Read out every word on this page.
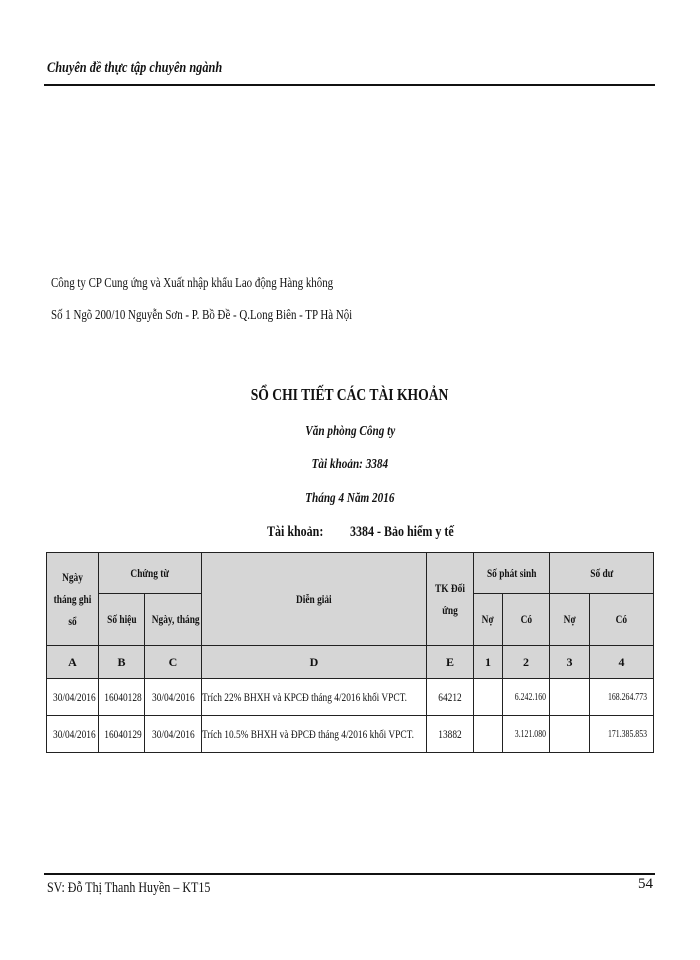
Chuyên đề thực tập chuyên ngành
Công ty CP Cung ứng và Xuất nhập khẩu Lao động Hàng không
Số 1 Ngõ 200/10 Nguyễn Sơn - P. Bồ Đề - Q.Long Biên - TP Hà Nội
SỔ CHI TIẾT CÁC TÀI KHOẢN
Văn phòng Công ty
Tài khoản: 3384
Tháng 4 Năm 2016
Tài khoản:	3384 - Bảo hiểm y tế
Ngày tháng ghi sổ	Chứng từ		Diễn giải	TK Đối ứng	Số phát sinh		Số dư	
	Số hiệu	Ngày, tháng			Nợ	Có	Nợ	Có
A	B	C	D	E	1	2	3	4
30/04/2016	16040128	30/04/2016	Trích 22% BHXH và KPCĐ tháng 4/2016 khối VPCT.	64212		6.242.160		168.264.773
30/04/2016	16040129	30/04/2016	Trích 10.5% BHXH và ĐPCĐ tháng 4/2016 khối VPCT.	13882		3.121.080		171.385.853
SV: Đỗ Thị Thanh Huyền – KT15	54
